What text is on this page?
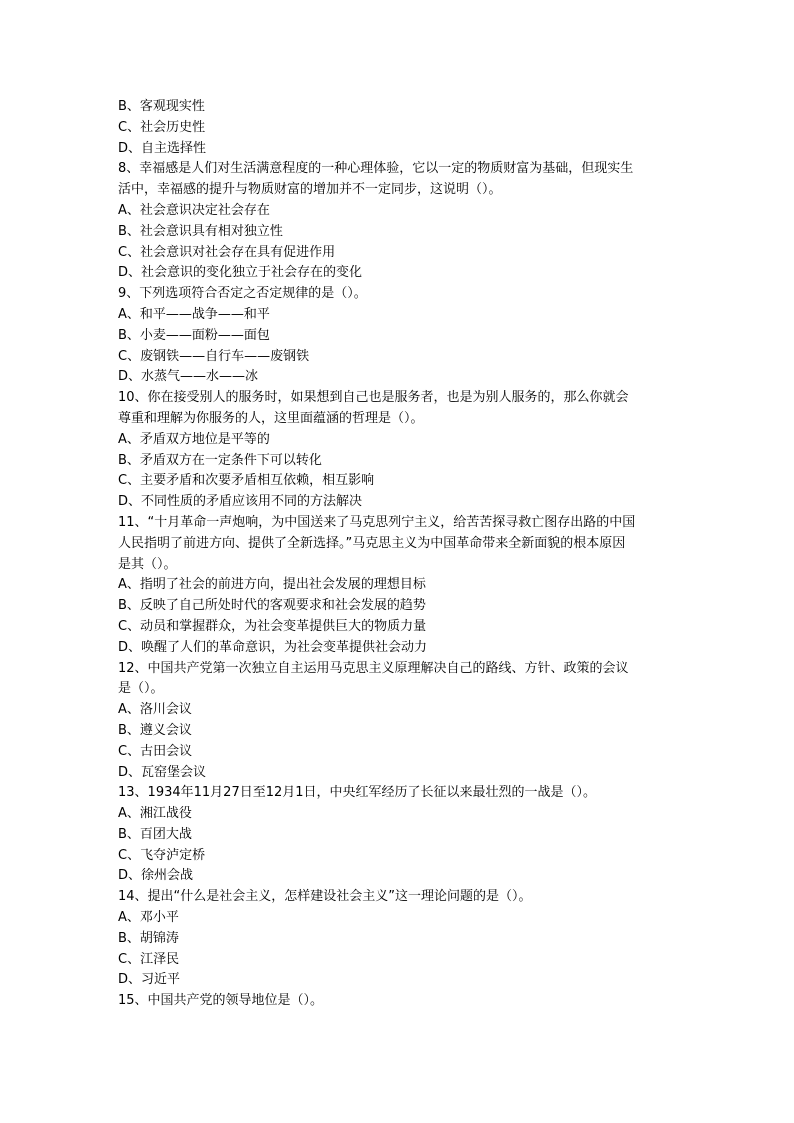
B、客观现实性
C、社会历史性
D、自主选择性
8、幸福感是人们对生活满意程度的一种心理体验，它以一定的物质财富为基础，但现实生
活中，幸福感的提升与物质财富的增加并不一定同步，这说明（）。
A、社会意识决定社会存在
B、社会意识具有相对独立性
C、社会意识对社会存在具有促进作用
D、社会意识的变化独立于社会存在的变化
9、下列选项符合否定之否定规律的是（）。
A、和平——战争——和平
B、小麦——面粉——面包
C、废钢铁——自行车——废钢铁
D、水蒸气——水——冰
10、你在接受别人的服务时，如果想到自己也是服务者，也是为别人服务的，那么你就会
尊重和理解为你服务的人，这里面蕴涵的哲理是（）。
A、矛盾双方地位是平等的
B、矛盾双方在一定条件下可以转化
C、主要矛盾和次要矛盾相互依赖，相互影响
D、不同性质的矛盾应该用不同的方法解决
11、“十月革命一声炮响，为中国送来了马克思列宁主义，给苦苦探寻救亡图存出路的中国
人民指明了前进方向、提供了全新选择。”马克思主义为中国革命带来全新面貌的根本原因
是其（）。
A、指明了社会的前进方向，提出社会发展的理想目标
B、反映了自己所处时代的客观要求和社会发展的趋势
C、动员和掌握群众，为社会变革提供巨大的物质力量
D、唤醒了人们的革命意识，为社会变革提供社会动力
12、中国共产党第一次独立自主运用马克思主义原理解决自己的路线、方针、政策的会议
是（）。
A、洛川会议
B、遵义会议
C、古田会议
D、瓦窑堡会议
13、1934年11月27日至12月1日，中央红军经历了长征以来最壮烈的一战是（）。
A、湘江战役
B、百团大战
C、飞夺泸定桥
D、徐州会战
14、提出“什么是社会主义，怎样建设社会主义”这一理论问题的是（）。
A、邓小平
B、胡锦涛
C、江泽民
D、习近平
15、中国共产党的领导地位是（）。
